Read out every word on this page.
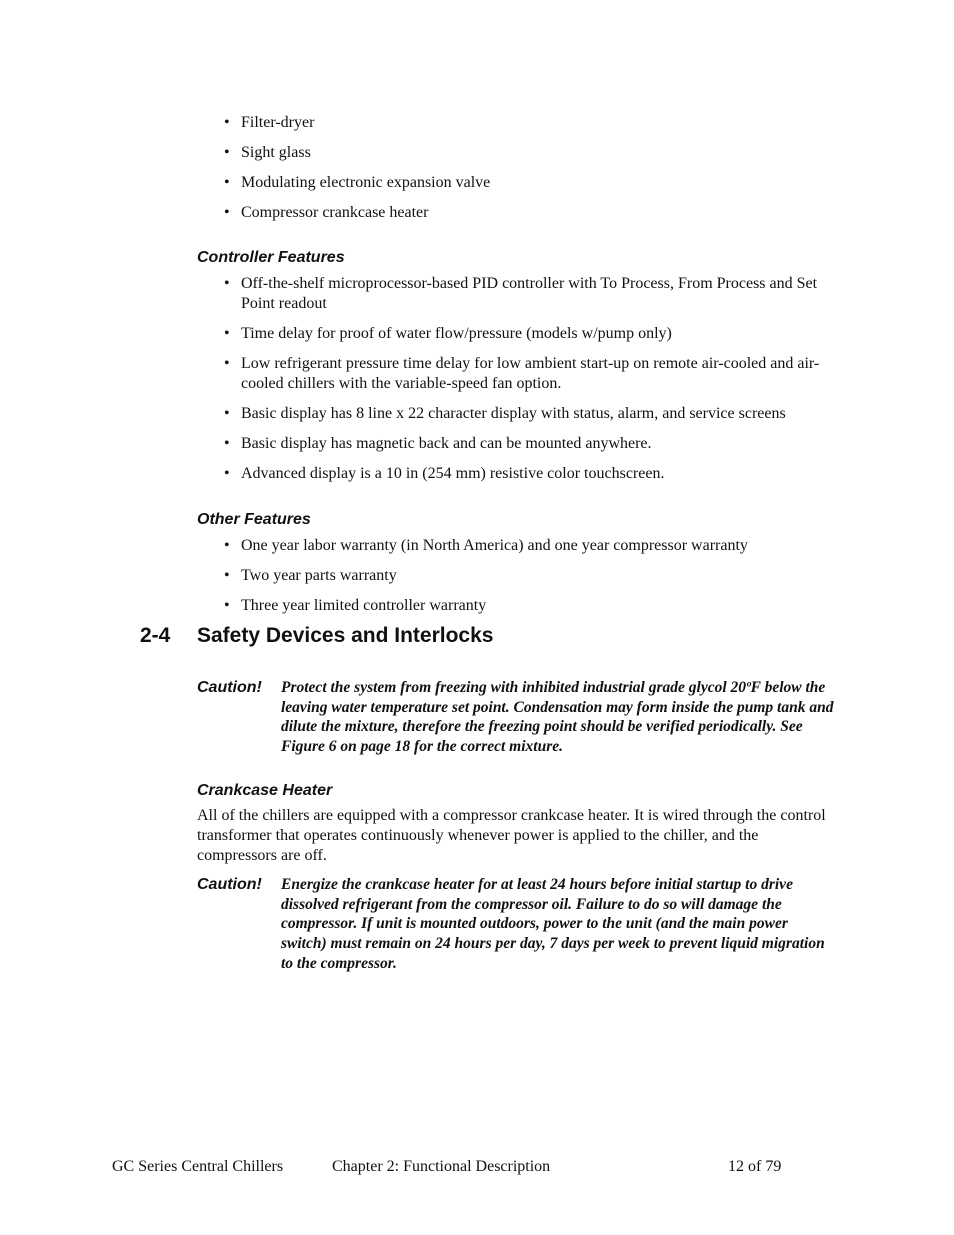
• Filter-dryer
• Sight glass
• Modulating electronic expansion valve
• Compressor crankcase heater
Controller Features
• Off-the-shelf microprocessor-based PID controller with To Process, From Process and Set Point readout
• Time delay for proof of water flow/pressure (models w/pump only)
• Low refrigerant pressure time delay for low ambient start-up on remote air-cooled and air-cooled chillers with the variable-speed fan option.
• Basic display has 8 line x 22 character display with status, alarm, and service screens
• Basic display has magnetic back and can be mounted anywhere.
• Advanced display is a 10 in (254 mm) resistive color touchscreen.
Other Features
• One year labor warranty (in North America) and one year compressor warranty
• Two year parts warranty
• Three year limited controller warranty
2-4 Safety Devices and Interlocks
Caution! Protect the system from freezing with inhibited industrial grade glycol 20ºF below the leaving water temperature set point. Condensation may form inside the pump tank and dilute the mixture, therefore the freezing point should be verified periodically. See Figure 6 on page 18 for the correct mixture.

Crankcase Heater

All of the chillers are equipped with a compressor crankcase heater. It is wired through the control transformer that operates continuously whenever power is applied to the chiller, and the compressors are off.

Caution! Energize the crankcase heater for at least 24 hours before initial startup to drive dissolved refrigerant from the compressor oil. Failure to do so will damage the compressor. If unit is mounted outdoors, power to the unit (and the main power switch) must remain on 24 hours per day, 7 days per week to prevent liquid migration to the compressor.

GC Series Central Chillers	Chapter 2: Functional Description	12 of 79
